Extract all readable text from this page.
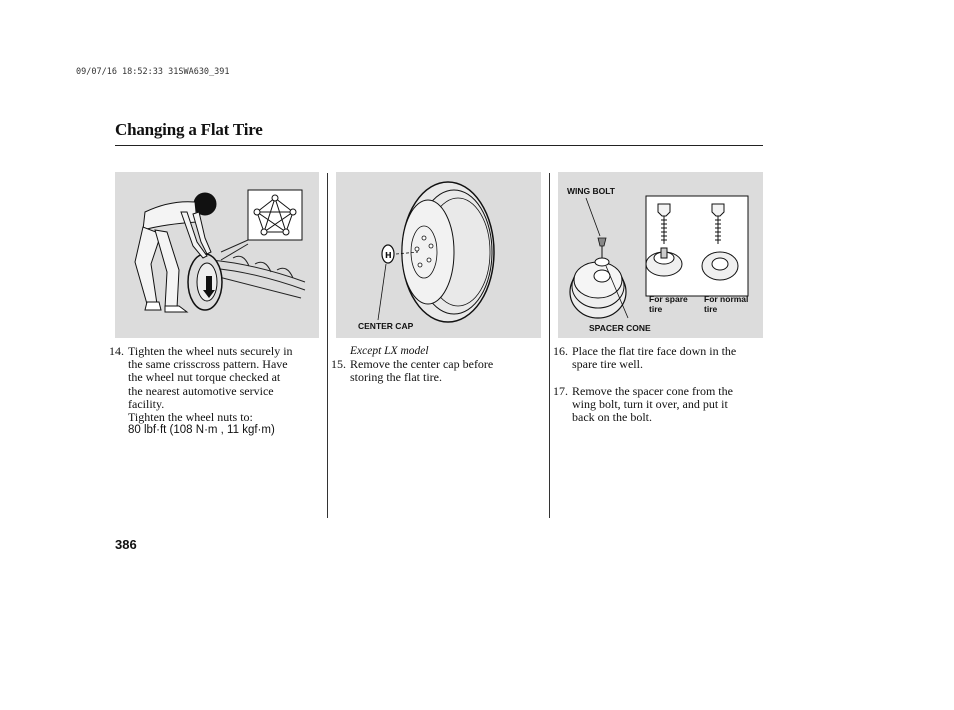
09/07/16 18:52:33 31SWA630_391
Changing a Flat Tire
H
CENTER CAP
WING BOLT
SPACER CONE
For spare
tire
For normal
tire
14. Tighten the wheel nuts securely in
the same crisscross pattern. Have
the wheel nut torque checked at
the nearest automotive service
facility.
Tighten the wheel nuts to:
80 lbf·ft (108 N·m , 11 kgf·m)
Except LX model
15. Remove the center cap before
storing the flat tire.
16. Place the flat tire face down in the
spare tire well.
17. Remove the spacer cone from the
wing bolt, turn it over, and put it
back on the bolt.
386
